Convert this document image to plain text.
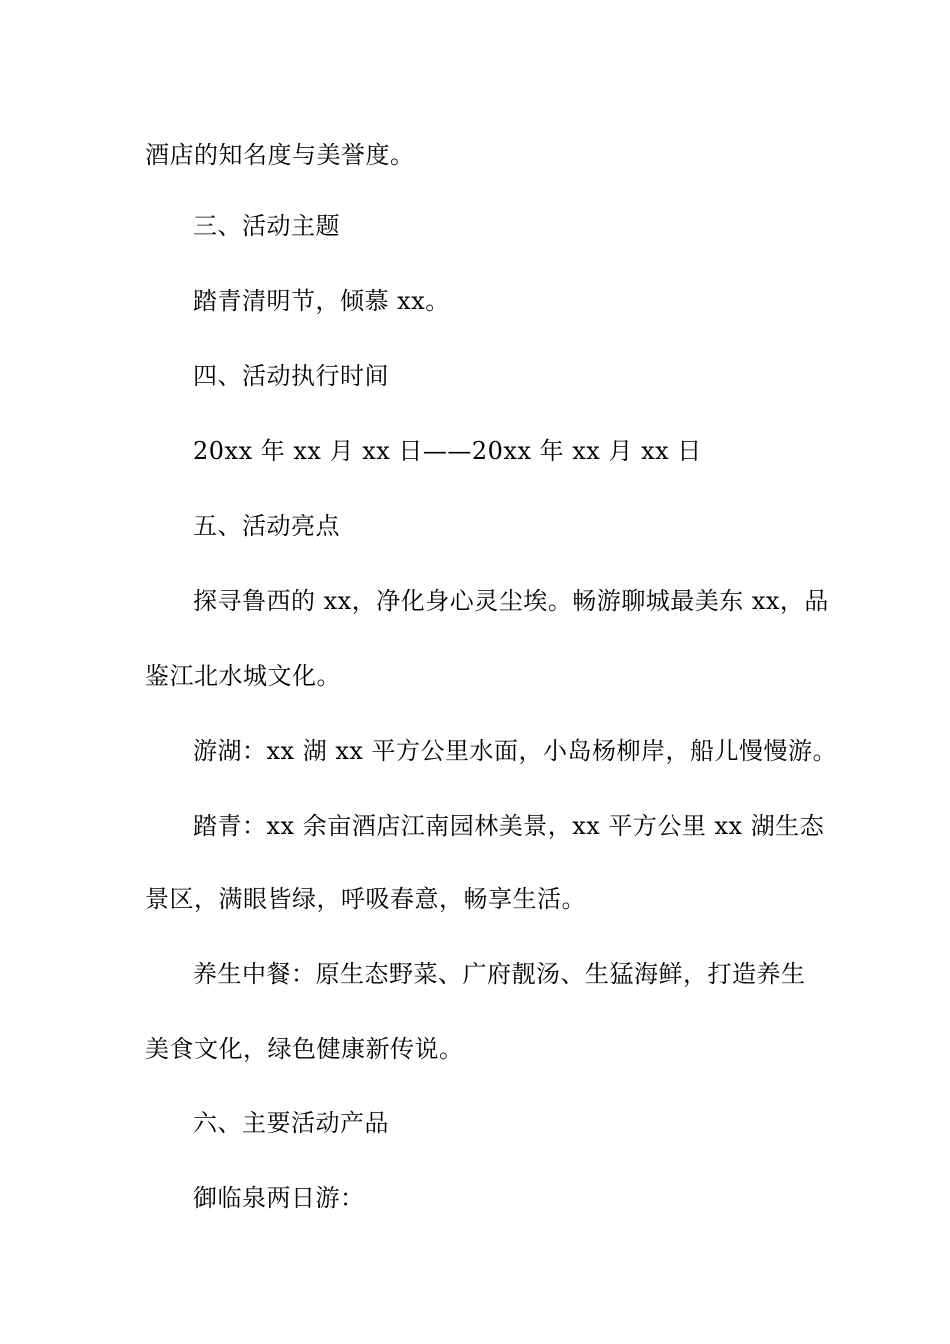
酒店的知名度与美誉度。
三、活动主题
踏青清明节，倾慕 xx。
四、活动执行时间
20xx 年 xx 月 xx 日——20xx 年 xx 月 xx 日
五、活动亮点
探寻鲁西的 xx，净化身心灵尘埃。畅游聊城最美东 xx，品
鉴江北水城文化。
游湖：xx 湖 xx 平方公里水面，小岛杨柳岸，船儿慢慢游。
踏青：xx 余亩酒店江南园林美景，xx 平方公里 xx 湖生态
景区，满眼皆绿，呼吸春意，畅享生活。
养生中餐：原生态野菜、广府靓汤、生猛海鲜，打造养生
美食文化，绿色健康新传说。
六、主要活动产品
御临泉两日游：
